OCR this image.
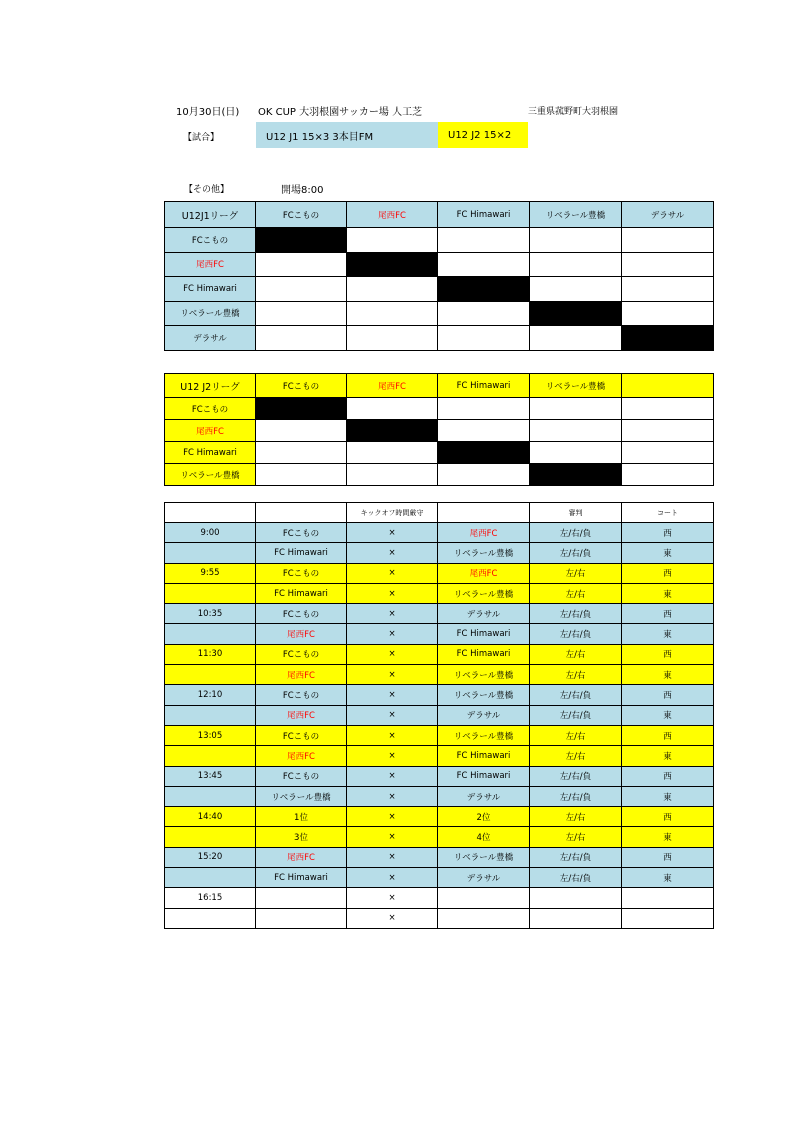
10月30日(日) OK CUP 大羽根園サッカー場 人工芝	三重県菰野町大羽根園
【試合】	U12 J1 15×3 3本目FM	U12 J2 15×2
【その他】	開場8:00
U12J1リーグ	FCこもの	尾西FC	FC Himawari	リベラール豊橋	デラサル
FCこもの					
尾西FC					
FC Himawari					
リベラール豊橋					
デラサル					
U12 J2リーグ	FCこもの	尾西FC	FC Himawari	リベラール豊橋	
FCこもの					
尾西FC					
FC Himawari					
リベラール豊橋					
		キックオフ時間厳守		審判	コート
9:00	FCこもの	×	尾西FC	左/右/負	西
	FC Himawari	×	リベラール豊橋	左/右/負	東
9:55	FCこもの	×	尾西FC	左/右	西
	FC Himawari	×	リベラール豊橋	左/右	東
10:35	FCこもの	×	デラサル	左/右/負	西
	尾西FC	×	FC Himawari	左/右/負	東
11:30	FCこもの	×	FC Himawari	左/右	西
	尾西FC	×	リベラール豊橋	左/右	東
12:10	FCこもの	×	リベラール豊橋	左/右/負	西
	尾西FC	×	デラサル	左/右/負	東
13:05	FCこもの	×	リベラール豊橋	左/右	西
	尾西FC	×	FC Himawari	左/右	東
13:45	FCこもの	×	FC Himawari	左/右/負	西
	リベラール豊橋	×	デラサル	左/右/負	東
14:40	1位	×	2位	左/右	西
	3位	×	4位	左/右	東
15:20	尾西FC	×	リベラール豊橋	左/右/負	西
	FC Himawari	×	デラサル	左/右/負	東
16:15		×			
		×			
